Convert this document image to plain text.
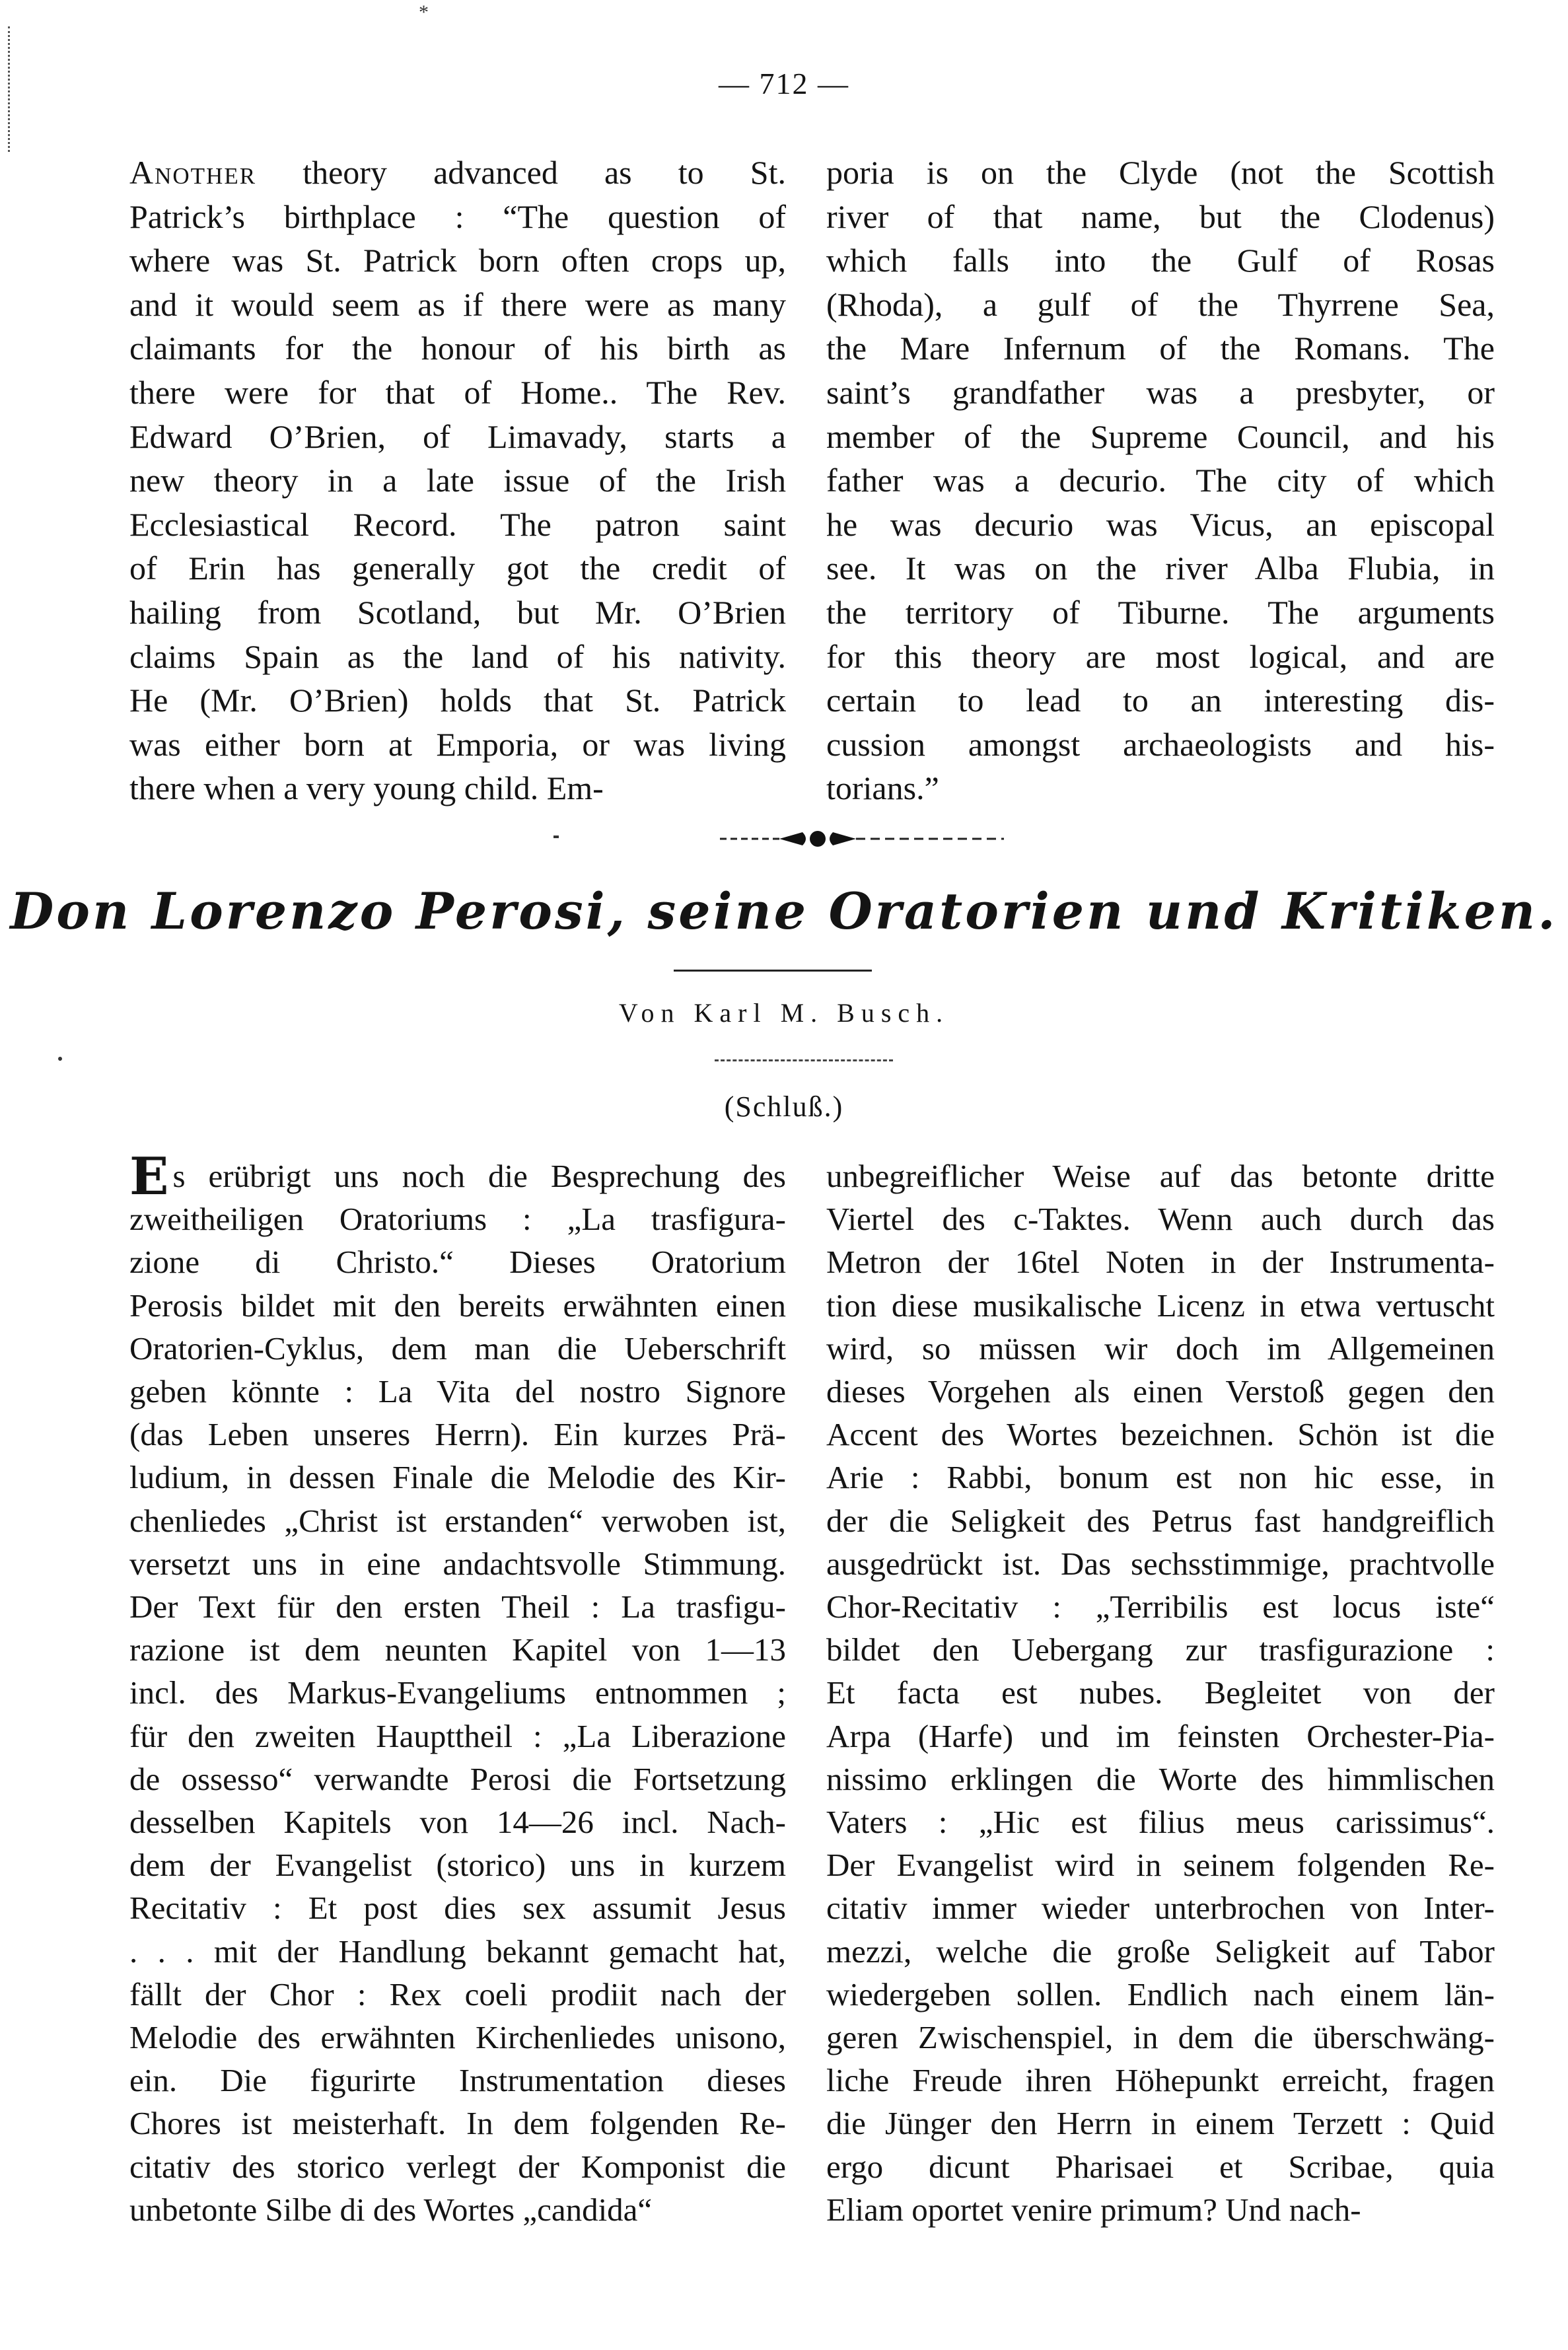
*
— 712 —
Another theory advanced as to St.
Patrick’s birthplace : “The question of
where was St. Patrick born often crops up,
and it would seem as if there were as many
claimants for the honour of his birth as
there were for that of Home.. The Rev.
Edward O’Brien, of Limavady, starts a
new theory in a late issue of the Irish
Ecclesiastical Record. The patron saint
of Erin has generally got the credit of
hailing from Scotland, but Mr. O’Brien
claims Spain as the land of his nativity.
He (Mr. O’Brien) holds that St. Patrick
was either born at Emporia, or was living
there when a very young child. Em-
poria is on the Clyde (not the Scottish
river of that name, but the Clodenus)
which falls into the Gulf of Rosas
(Rhoda), a gulf of the Thyrrene Sea,
the Mare Infernum of the Romans. The
saint’s grandfather was a presbyter, or
member of the Supreme Council, and his
father was a decurio. The city of which
he was decurio was Vicus, an episcopal
see. It was on the river Alba Flubia, in
the territory of Tiburne. The arguments
for this theory are most logical, and are
certain to lead to an interesting dis-
cussion amongst archaeologists and his-
torians.”
Don Lorenzo Perosi, seine Oratorien und Kritiken.
Von Karl M. Busch.
(Schluß.)
Es erübrigt uns noch die Besprechung des
zweitheiligen Oratoriums : „La trasfigura-
zione di Christo.“ Dieses Oratorium
Perosis bildet mit den bereits erwähnten einen
Oratorien-Cyklus, dem man die Ueberschrift
geben könnte : La Vita del nostro Signore
(das Leben unseres Herrn). Ein kurzes Prä-
ludium, in dessen Finale die Melodie des Kir-
chenliedes „Christ ist erstanden“ verwoben ist,
versetzt uns in eine andachtsvolle Stimmung.
Der Text für den ersten Theil : La trasfigu-
razione ist dem neunten Kapitel von 1—13
incl. des Markus-Evangeliums entnommen ;
für den zweiten Haupttheil : „La Liberazione
de ossesso“ verwandte Perosi die Fortsetzung
desselben Kapitels von 14—26 incl. Nach-
dem der Evangelist (storico) uns in kurzem
Recitativ : Et post dies sex assumit Jesus
. . . mit der Handlung bekannt gemacht hat,
fällt der Chor : Rex coeli prodiit nach der
Melodie des erwähnten Kirchenliedes unisono,
ein. Die figurirte Instrumentation dieses
Chores ist meisterhaft. In dem folgenden Re-
citativ des storico verlegt der Komponist die
unbetonte Silbe di des Wortes „candida“
unbegreiflicher Weise auf das betonte dritte
Viertel des c-Taktes. Wenn auch durch das
Metron der 16tel Noten in der Instrumenta-
tion diese musikalische Licenz in etwa vertuscht
wird, so müssen wir doch im Allgemeinen
dieses Vorgehen als einen Verstoß gegen den
Accent des Wortes bezeichnen. Schön ist die
Arie : Rabbi, bonum est non hic esse, in
der die Seligkeit des Petrus fast handgreiflich
ausgedrückt ist. Das sechsstimmige, prachtvolle
Chor-Recitativ : „Terribilis est locus iste“
bildet den Uebergang zur trasfigurazione :
Et facta est nubes. Begleitet von der
Arpa (Harfe) und im feinsten Orchester-Pia-
nissimo erklingen die Worte des himmlischen
Vaters : „Hic est filius meus carissimus“.
Der Evangelist wird in seinem folgenden Re-
citativ immer wieder unterbrochen von Inter-
mezzi, welche die große Seligkeit auf Tabor
wiedergeben sollen. Endlich nach einem län-
geren Zwischenspiel, in dem die überschwäng-
liche Freude ihren Höhepunkt erreicht, fragen
die Jünger den Herrn in einem Terzett : Quid
ergo dicunt Pharisaei et Scribae, quia
Eliam oportet venire primum? Und nach-
